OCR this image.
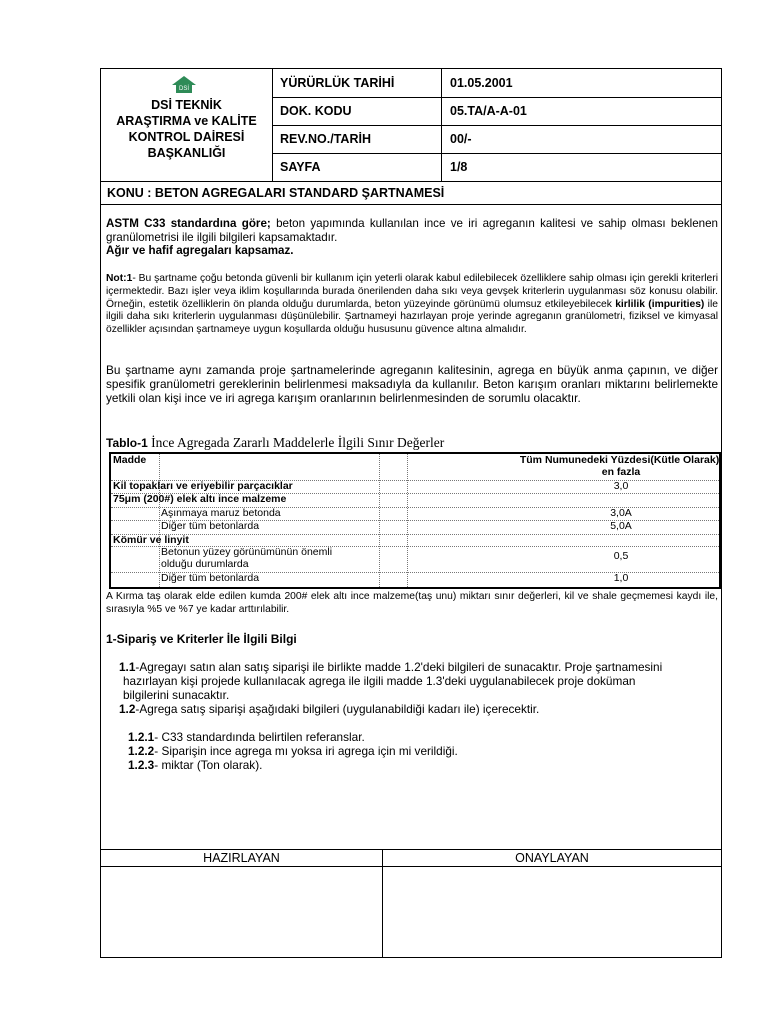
DSİ
DSİ TEKNİK
ARAŞTIRMA ve KALİTE
KONTROL DAİRESİ
BAŞKANLIĞI
YÜRÜRLÜK TARİHİ	01.05.2001
DOK. KODU	05.TA/A-A-01
REV.NO./TARİH	00/-
SAYFA	1/8
KONU : BETON AGREGALARI STANDARD ŞARTNAMESİ
ASTM C33 standardına göre; beton yapımında kullanılan ince ve iri agreganın kalitesi ve sahip olması beklenen granülometrisi ile ilgili bilgileri kapsamaktadır.
Ağır ve hafif agregaları kapsamaz.
Not:1- Bu şartname çoğu betonda güvenli bir kullanım için yeterli olarak kabul edilebilecek özelliklere sahip olması için gerekli kriterleri içermektedir. Bazı işler veya iklim koşullarında burada önerilenden daha sıkı veya gevşek kriterlerin uygulanması söz konusu olabilir. Örneğin, estetik özelliklerin ön planda olduğu durumlarda, beton yüzeyinde görünümü olumsuz etkileyebilecek kirlilik (impurities) ile ilgili daha sıkı kriterlerin uygulanması düşünülebilir. Şartnameyi hazırlayan proje yerinde agreganın granülometri, fiziksel ve kimyasal özellikler açısından şartnameye uygun koşullarda olduğu hususunu güvence altına almalıdır.
Bu şartname aynı zamanda proje şartnamelerinde agreganın kalitesinin, agrega en büyük anma çapının, ve diğer spesifik granülometri gereklerinin belirlenmesi maksadıyla da kullanılır. Beton karışım oranları miktarını belirlemekte yetkili olan kişi ince ve iri agrega karışım oranlarının belirlenmesinden de sorumlu olacaktır.
Tablo-1 İnce Agregada Zararlı Maddelerle İlgili Sınır Değerler
Madde	Tüm Numunedeki Yüzdesi(Kütle Olarak),
en fazla
Kil topakları ve eriyebilir parçacıklar	3,0
75μm (200#) elek altı ince malzeme
Aşınmaya maruz betonda	3,0A
Diğer tüm betonlarda	5,0A
Kömür ve linyit
Betonun yüzey görünümünün önemli
olduğu durumlarda
0,5
Diğer tüm betonlarda	1,0
A Kırma taş olarak elde edilen kumda 200# elek altı ince malzeme(taş unu) miktarı sınır değerleri, kil ve shale geçmemesi kaydı ile, sırasıyla %5 ve %7 ye kadar arttırılabilir.
1-Sipariş ve Kriterler İle İlgili Bilgi
1.1-Agregayı satın alan satış siparişi ile birlikte madde 1.2'deki bilgileri de sunacaktır. Proje şartnamesini
hazırlayan kişi projede kullanılacak agrega ile ilgili madde 1.3'deki uygulanabilecek proje doküman
bilgilerini sunacaktır.
1.2-Agrega satış siparişi aşağıdaki bilgileri (uygulanabildiği kadarı ile) içerecektir.
1.2.1- C33 standardında belirtilen referanslar.
1.2.2- Siparişin ince agrega mı yoksa iri agrega için mi verildiği.
1.2.3- miktar (Ton olarak).
HAZIRLAYAN	ONAYLAYAN
